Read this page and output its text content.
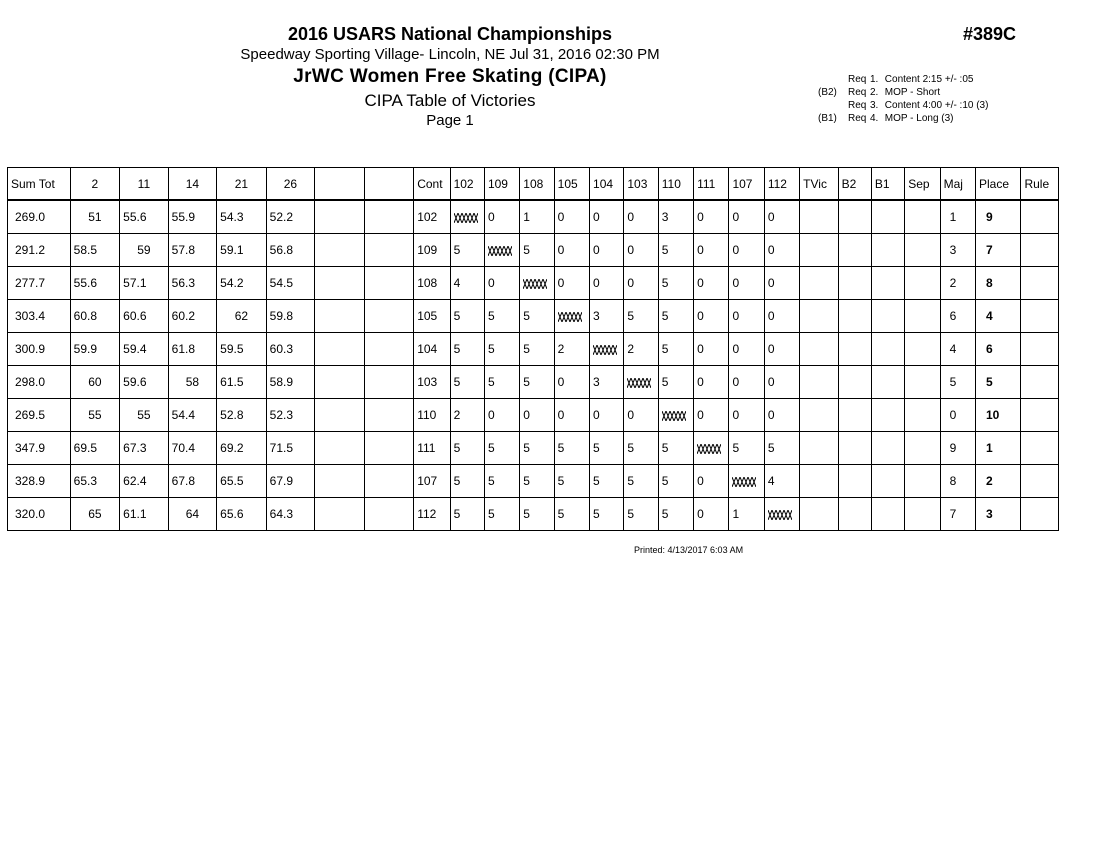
2016 USARS National Championships
Speedway Sporting Village- Lincoln, NE Jul 31, 2016 02:30 PM
JrWC Women Free Skating (CIPA)
CIPA Table of Victories
Page 1
#389C
Req 1. Content 2:15 +/- :05
(B2) Req 2. MOP - Short
Req 3. Content 4:00 +/- :10 (3)
(B1) Req 4. MOP - Long (3)
Sum Tot	2	11	14	21	26			Cont	102	109	108	105	104	103	110	111	107	112	TVic	B2	B1	Sep	Maj	Place	Rule
269.0	51	55.6	55.9	54.3	52.2			102		0	1	0	0	0	3	0	0	0					1	9	
291.2	58.5	59	57.8	59.1	56.8			109	5		5	0	0	0	5	0	0	0					3	7	
277.7	55.6	57.1	56.3	54.2	54.5			108	4	0		0	0	0	5	0	0	0					2	8	
303.4	60.8	60.6	60.2	62	59.8			105	5	5	5		3	5	5	0	0	0					6	4	
300.9	59.9	59.4	61.8	59.5	60.3			104	5	5	5	2		2	5	0	0	0					4	6	
298.0	60	59.6	58	61.5	58.9			103	5	5	5	0	3		5	0	0	0					5	5	
269.5	55	55	54.4	52.8	52.3			110	2	0	0	0	0	0		0	0	0					0	10	
347.9	69.5	67.3	70.4	69.2	71.5			111	5	5	5	5	5	5	5		5	5					9	1	
328.9	65.3	62.4	67.8	65.5	67.9			107	5	5	5	5	5	5	5	0		4					8	2	
320.0	65	61.1	64	65.6	64.3			112	5	5	5	5	5	5	5	0	1						7	3	
Printed: 4/13/2017 6:03 AM
